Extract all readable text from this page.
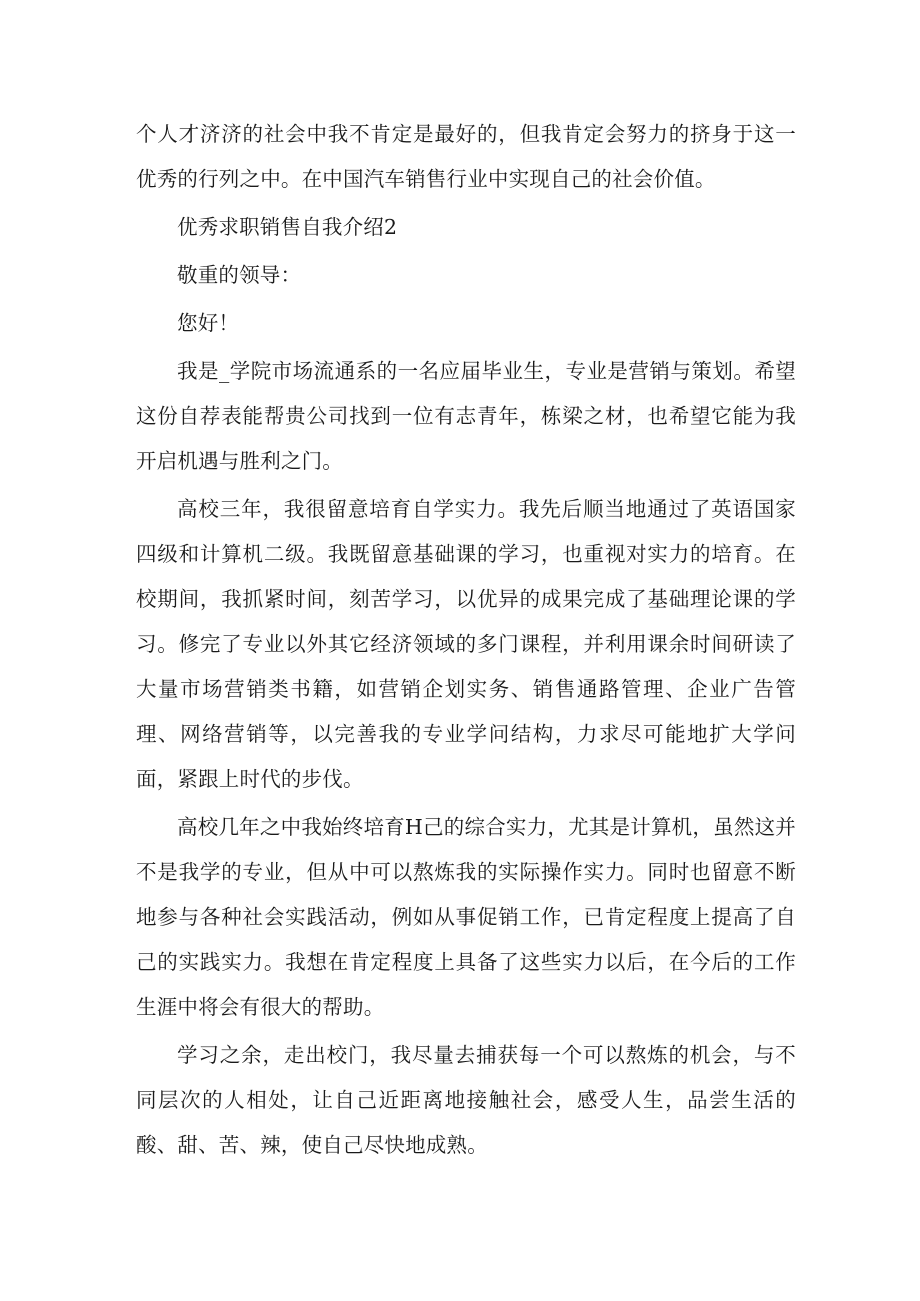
个人才济济的社会中我不肯定是最好的，但我肯定会努力的挤身于这一优秀的行列之中。在中国汽车销售行业中实现自己的社会价值。

优秀求职销售自我介绍2

敬重的领导：

您好！

我是_学院市场流通系的一名应届毕业生，专业是营销与策划。希望这份自荐表能帮贵公司找到一位有志青年，栋梁之材，也希望它能为我开启机遇与胜利之门。

高校三年，我很留意培育自学实力。我先后顺当地通过了英语国家四级和计算机二级。我既留意基础课的学习，也重视对实力的培育。在校期间，我抓紧时间，刻苦学习，以优异的成果完成了基础理论课的学习。修完了专业以外其它经济领域的多门课程，并利用课余时间研读了大量市场营销类书籍，如营销企划实务、销售通路管理、企业广告管理、网络营销等，以完善我的专业学问结构，力求尽可能地扩大学问面，紧跟上时代的步伐。

高校几年之中我始终培育H己的综合实力，尤其是计算机，虽然这并不是我学的专业，但从中可以熬炼我的实际操作实力。同时也留意不断地参与各种社会实践活动，例如从事促销工作，已肯定程度上提高了自己的实践实力。我想在肯定程度上具备了这些实力以后，在今后的工作生涯中将会有很大的帮助。

学习之余，走出校门，我尽量去捕获每一个可以熬炼的机会，与不同层次的人相处，让自己近距离地接触社会，感受人生，品尝生活的酸、甜、苦、辣，使自己尽快地成熟。
